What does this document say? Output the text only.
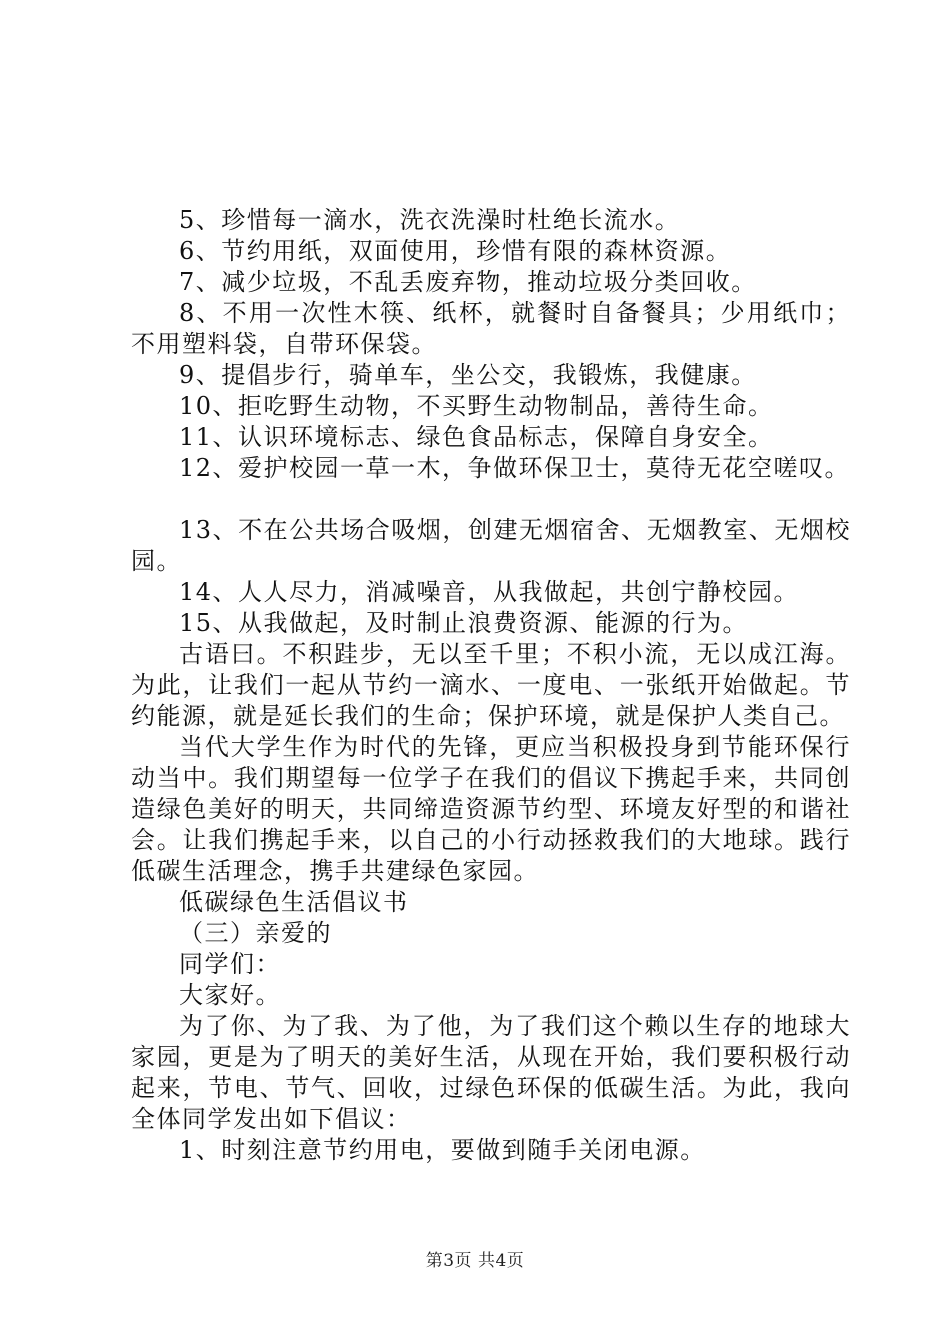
5、珍惜每一滴水，洗衣洗澡时杜绝长流水。

6、节约用纸，双面使用，珍惜有限的森林资源。

7、减少垃圾，不乱丢废弃物，推动垃圾分类回收。

8、不用一次性木筷、纸杯，就餐时自备餐具；少用纸巾；不用塑料袋，自带环保袋。

9、提倡步行，骑单车，坐公交，我锻炼，我健康。

10、拒吃野生动物，不买野生动物制品，善待生命。

11、认识环境标志、绿色食品标志，保障自身安全。

12、爱护校园一草一木，争做环保卫士，莫待无花空嗟叹。

13、不在公共场合吸烟，创建无烟宿舍、无烟教室、无烟校园。

14、人人尽力，消减噪音，从我做起，共创宁静校园。

15、从我做起，及时制止浪费资源、能源的行为。

古语曰。不积跬步，无以至千里；不积小流，无以成江海。为此，让我们一起从节约一滴水、一度电、一张纸开始做起。节约能源，就是延长我们的生命；保护环境，就是保护人类自己。

当代大学生作为时代的先锋，更应当积极投身到节能环保行动当中。我们期望每一位学子在我们的倡议下携起手来，共同创造绿色美好的明天，共同缔造资源节约型、环境友好型的和谐社会。让我们携起手来，以自己的小行动拯救我们的大地球。践行低碳生活理念，携手共建绿色家园。

低碳绿色生活倡议书

（三）亲爱的

同学们：

大家好。

为了你、为了我、为了他，为了我们这个赖以生存的地球大家园，更是为了明天的美好生活，从现在开始，我们要积极行动起来，节电、节气、回收，过绿色环保的低碳生活。为此，我向全体同学发出如下倡议：

1、时刻注意节约用电，要做到随手关闭电源。

第3页 共4页
